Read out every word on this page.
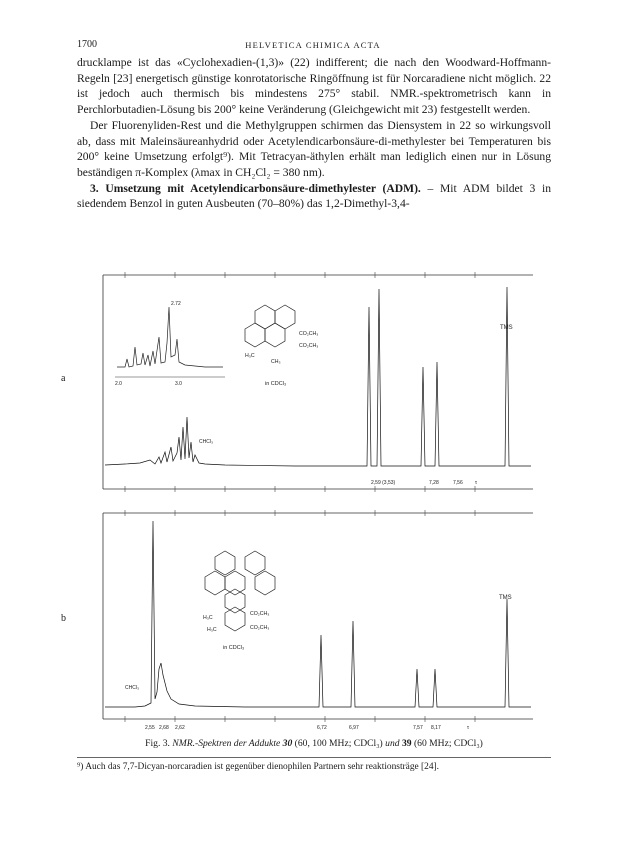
1700	HELVETICA CHIMICA ACTA

drucklampe ist das «Cyclohexadien-(1,3)» (22) indifferent; die nach den Woodward-Hoffmann-Regeln [23] energetisch günstige konrotatorische Ringöffnung ist für Norcaradiene nicht möglich. 22 ist jedoch auch thermisch bis mindestens 275° stabil. NMR.-spektrometrisch kann in Perchlorbutadien-Lösung bis 200° keine Veränderung (Gleichgewicht mit 23) festgestellt werden.

Der Fluorenyliden-Rest und die Methylgruppen schirmen das Diensystem in 22 so wirkungsvoll ab, dass mit Maleinsäureanhydrid oder Acetylendicarbonsäure-di-methylester bei Temperaturen bis 200° keine Umsetzung erfolgt⁹). Mit Tetracyan-äthylen erhält man lediglich einen nur in Lösung beständigen π-Komplex (λmax in CH₂Cl₂ = 380 nm).

3. Umsetzung mit Acetylendicarbonsäure-dimethylester (ADM). – Mit ADM bildet 3 in siedendem Benzol in guten Ausbeuten (70–80%) das 1,2-Dimethyl-3,4-

2.0	3.0
2.72
CO₂CH₃
CO₂CH₃
H₃C
CH₃
in CDCl₃
TMS
CHCl₃
2,59 (3,53)	7,28	7,56 τ
CO₂CH₃
CO₂CH₃
H₃C
H₃C
in CDCl₃
TMS
CHCl₃
2,55 2,68 2,62	6,72	6,97	7,57 8,17	τ
a
b
Fig. 3. NMR.-Spektren der Addukte 30 (60, 100 MHz; CDCl₃) und 39 (60 MHz; CDCl₃)
⁹) Auch das 7,7-Dicyan-norcaradien ist gegenüber dienophilen Partnern sehr reaktionsträge [24].
